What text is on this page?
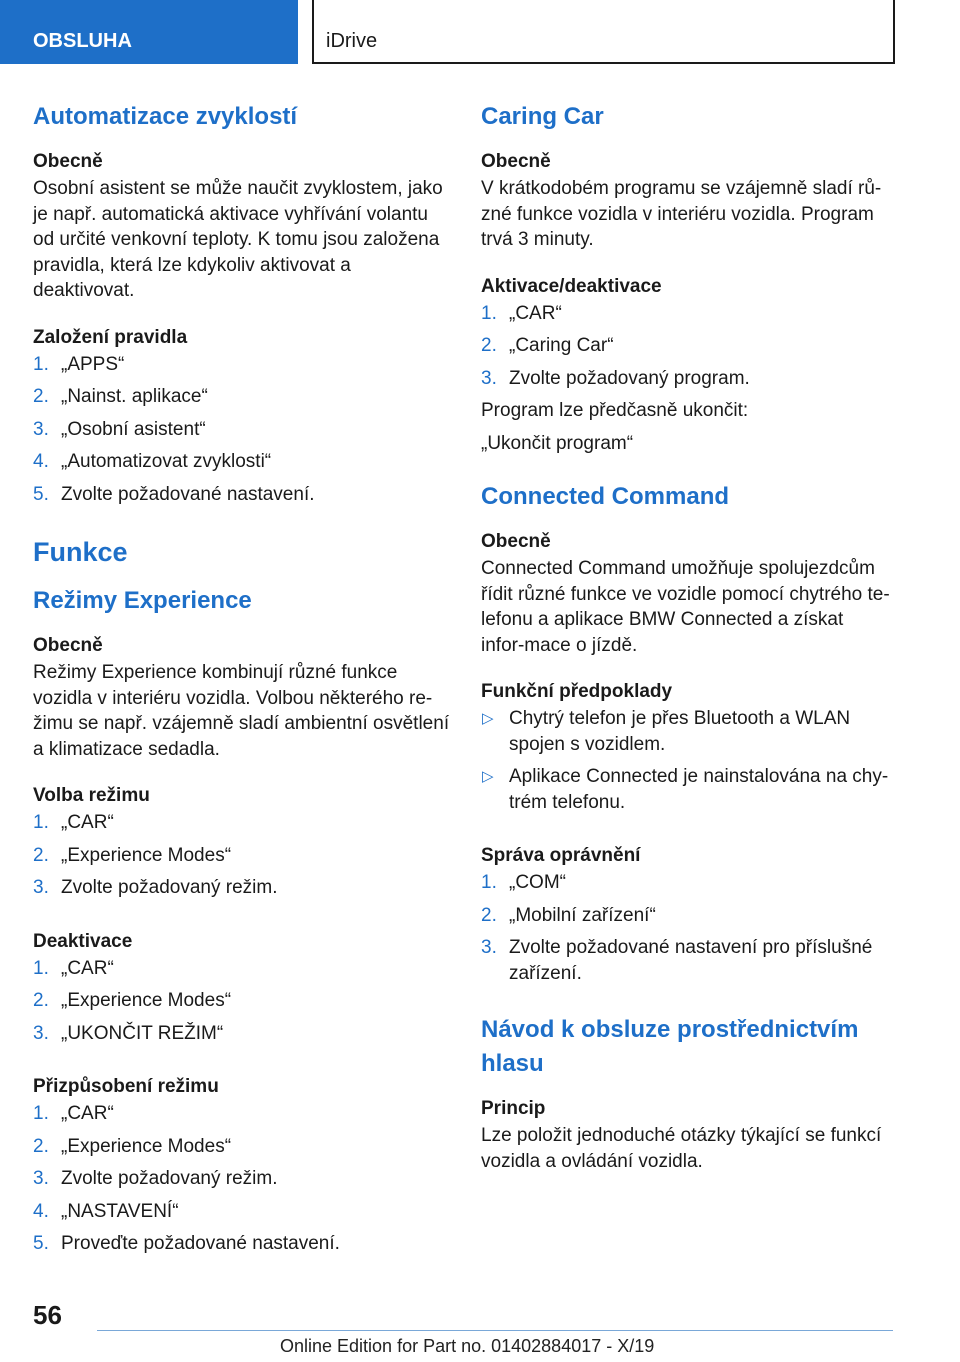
OBSLUHA	iDrive
Automatizace zvyklostí
Obecně

Osobní asistent se může naučit zvyklostem, jako je např. automatická aktivace vyhřívání volantu od určité venkovní teploty. K tomu jsou založena pravidla, která lze kdykoliv aktivovat a deaktivovat.

Založení pravidla
1. „APPS“
2. „Nainst. aplikace“
3. „Osobní asistent“
4. „Automatizovat zvyklosti“
5. Zvolte požadované nastavení.
Funkce
Režimy Experience
Obecně

Režimy Experience kombinují různé funkce vozidla v interiéru vozidla. Volbou některého re-žimu se např. vzájemně sladí ambientní osvětlení a klimatizace sedadla.

Volba režimu
1. „CAR“
2. „Experience Modes“
3. Zvolte požadovaný režim.
Deaktivace
1. „CAR“
2. „Experience Modes“
3. „UKONČIT REŽIM“
Přizpůsobení režimu
1. „CAR“
2. „Experience Modes“
3. Zvolte požadovaný režim.
4. „NASTAVENÍ“
5. Proveďte požadované nastavení.
Caring Car
Obecně

V krátkodobém programu se vzájemně sladí rů-zné funkce vozidla v interiéru vozidla. Program trvá 3 minuty.

Aktivace/deaktivace
1. „CAR“
2. „Caring Car“
3. Zvolte požadovaný program.

Program lze předčasně ukončit:

„Ukončit program“

Connected Command
Obecně

Connected Command umožňuje spolujezdcům řídit různé funkce ve vozidle pomocí chytrého te-lefonu a aplikace BMW Connected a získat infor-mace o jízdě.

Funkční předpoklady
▷ Chytrý telefon je přes Bluetooth a WLAN spojen s vozidlem.
▷ Aplikace Connected je nainstalována na chy-trém telefonu.
Správa oprávnění
1. „COM“
2. „Mobilní zařízení“
3. Zvolte požadované nastavení pro příslušné zařízení.
Návod k obsluze prostřednictvím hlasu
Princip

Lze položit jednoduché otázky týkající se funkcí vozidla a ovládání vozidla.

56
Online Edition for Part no. 01402884017 - X/19
